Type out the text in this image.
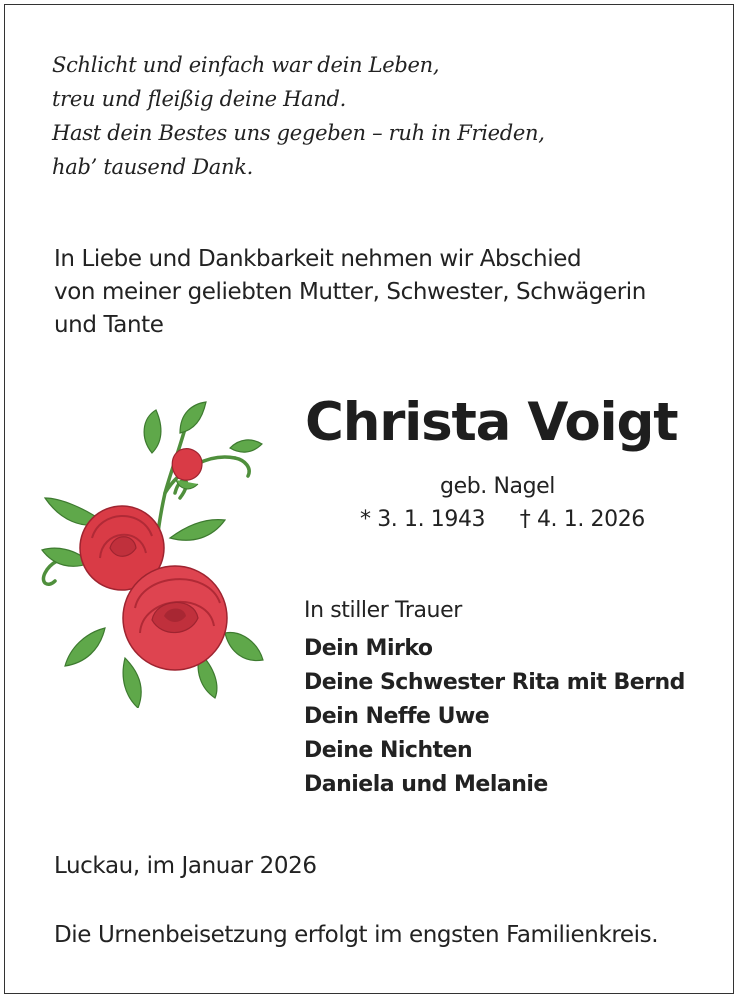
Schlicht und einfach war dein Leben,
treu und fleißig deine Hand.
Hast dein Bestes uns gegeben – ruh in Frieden,
hab’ tausend Dank.
In Liebe und Dankbarkeit nehmen wir Abschied
von meiner geliebten Mutter, Schwester, Schwägerin
und Tante
Christa Voigt
geb. Nagel
* 3. 1. 1943 † 4. 1. 2026
In stiller Trauer
Dein Mirko
Deine Schwester Rita mit Bernd
Dein Neffe Uwe
Deine Nichten
Daniela und Melanie
Luckau, im Januar 2026
Die Urnenbeisetzung erfolgt im engsten Familienkreis.
